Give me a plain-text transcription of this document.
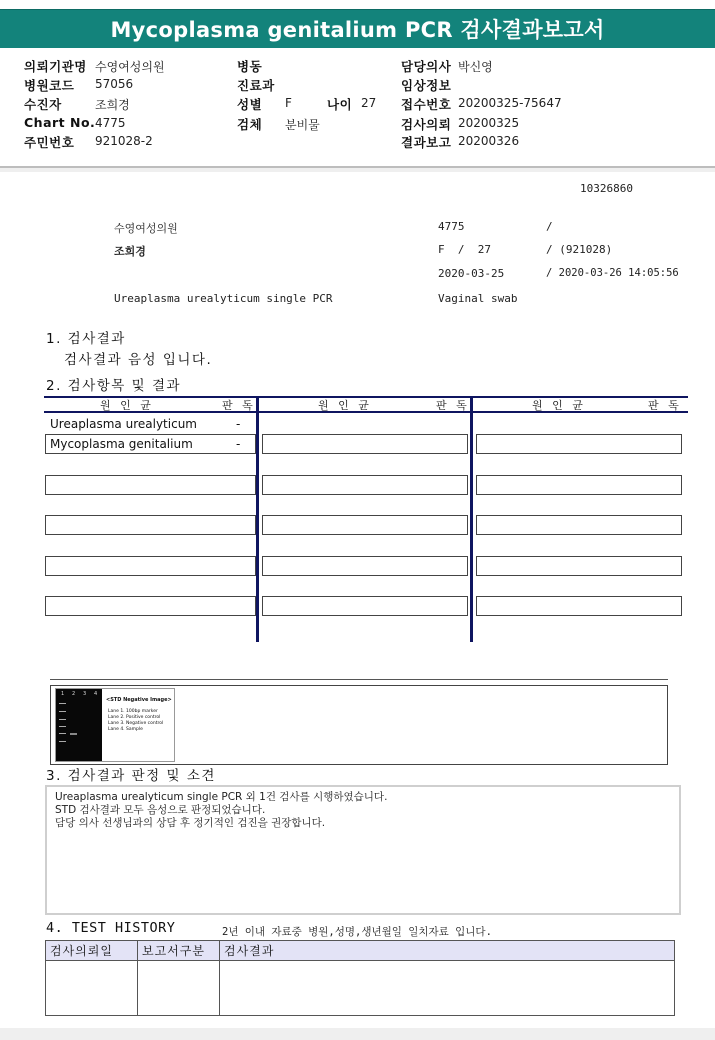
Mycoplasma genitalium PCR 검사결과보고서
의뢰기관명 수영여성의원
병원코드 57056
수진자	조희경
Chart No. 4775
주민번호 921028-2
병동
진료과
성별 F	나이 27
검체 분비물
담당의사 박신영
임상정보
접수번호 20200325-75647
검사의뢰 20200325
결과보고 20200326
10326860
수영여성의원	4775	/
조희경	F  /  27	/ (921028)
2020-03-25	/ 2020-03-26 14:05:56
Ureaplasma urealyticum single PCR	Vaginal swab
1. 검사결과
검사결과 음성 입니다.
2. 검사항목 및 결과
원 인 균	판 독	원 인 균	판 독	원 인 균	판 독
Ureaplasma urealyticum	-
Mycoplasma genitalium	-
1 2 3 4
<STD Negative Image>
Lane 1. 100bp marker
Lane 2. Positive control
Lane 3. Negative control
Lane 4. Sample
3. 검사결과 판정 및 소견
Ureaplasma urealyticum single PCR 외 1건 검사를 시행하였습니다.
STD 검사결과 모두 음성으로 판정되었습니다.
담당 의사 선생님과의 상담 후 정기적인 검진을 권장합니다.
4. TEST HISTORY	2년 이내 자료중 병원,성명,생년월일 일치자료 입니다.
검사의뢰일	보고서구분	검사결과
